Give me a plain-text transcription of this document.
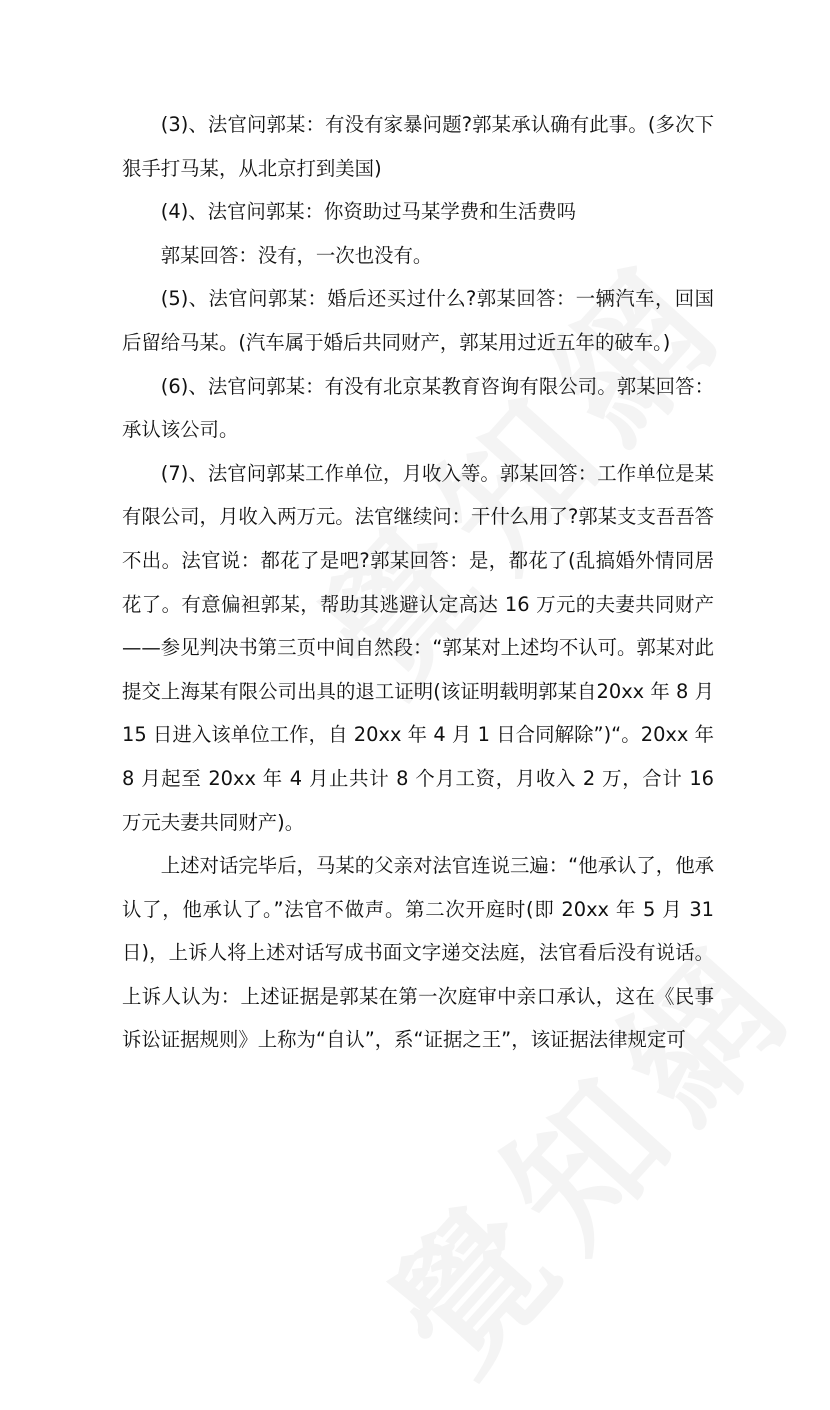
(3)、法官问郭某：有没有家暴问题?郭某承认确有此事。(多次下狠手打马某，从北京打到美国)

(4)、法官问郭某：你资助过马某学费和生活费吗

郭某回答：没有，一次也没有。

(5)、法官问郭某：婚后还买过什么?郭某回答：一辆汽车，回国后留给马某。(汽车属于婚后共同财产，郭某用过近五年的破车。)

(6)、法官问郭某：有没有北京某教育咨询有限公司。郭某回答：承认该公司。

(7)、法官问郭某工作单位，月收入等。郭某回答：工作单位是某有限公司，月收入两万元。法官继续问：干什么用了?郭某支支吾吾答不出。法官说：都花了是吧?郭某回答：是，都花了(乱搞婚外情同居花了。有意偏袒郭某，帮助其逃避认定高达 16 万元的夫妻共同财产——参见判决书第三页中间自然段：“郭某对上述均不认可。郭某对此提交上海某有限公司出具的退工证明(该证明载明郭某自20xx 年 8 月 15 日进入该单位工作，自 20xx 年 4 月 1 日合同解除”)“。20xx 年 8 月起至 20xx 年 4 月止共计 8 个月工资，月收入 2 万，合计 16 万元夫妻共同财产)。

上述对话完毕后，马某的父亲对法官连说三遍：“他承认了，他承认了，他承认了。”法官不做声。第二次开庭时(即 20xx 年 5 月 31日)，上诉人将上述对话写成书面文字递交法庭，法官看后没有说话。上诉人认为：上述证据是郭某在第一次庭审中亲口承认，这在《民事诉讼证据规则》上称为“自认”，系“证据之王”，该证据法律规定可
